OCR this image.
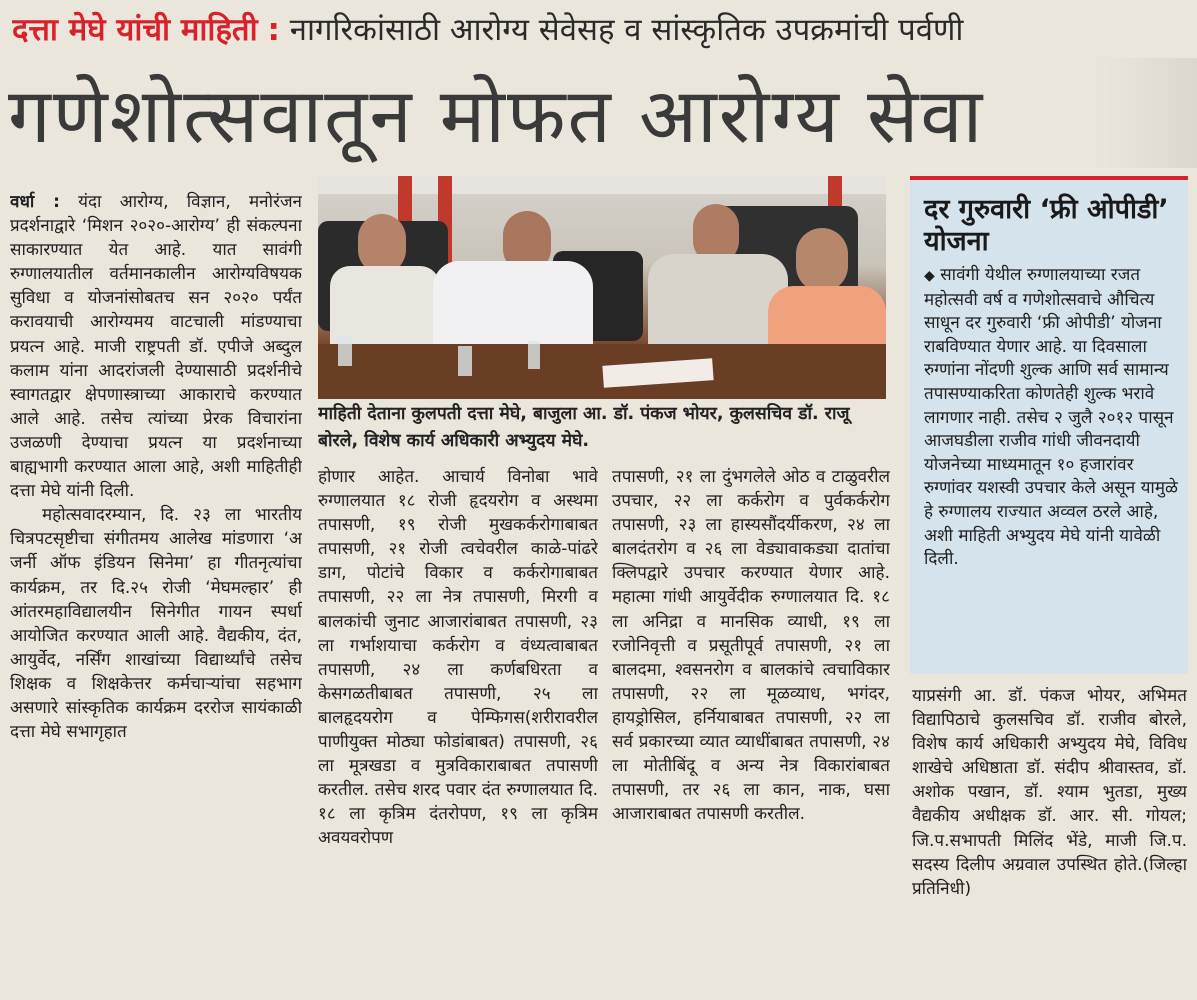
दत्ता मेघे यांची माहिती : नागरिकांसाठी आरोग्य सेवेसह व सांस्कृतिक उपक्रमांची पर्वणी
गणेशोत्सवातून मोफत आरोग्य सेवा

वर्धा : यंदा आरोग्य, विज्ञान, मनोरंजन प्रदर्शनाद्वारे ‘मिशन २०२०-आरोग्य’ ही संकल्पना साकारण्यात येत आहे. यात सावंगी रुग्णालयातील वर्तमानकालीन आरोग्यविषयक सुविधा व योजनांसोबतच सन २०२० पर्यंत करावयाची आरोग्यमय वाटचाली मांडण्याचा प्रयत्न आहे. माजी राष्ट्रपती डॉ. एपीजे अब्दुल कलाम यांना आदरांजली देण्यासाठी प्रदर्शनीचे स्वागतद्वार क्षेपणास्त्राच्या आकाराचे करण्यात आले आहे. तसेच त्यांच्या प्रेरक विचारांना उजळणी देण्याचा प्रयत्न या प्रदर्शनाच्या बाह्यभागी करण्यात आला आहे, अशी माहितीही दत्ता मेघे यांनी दिली.

महोत्सवादरम्यान, दि. २३ ला भारतीय चित्रपटसृष्टीचा संगीतमय आलेख मांडणारा ‘अ जर्नी ऑफ इंडियन सिनेमा’ हा गीतनृत्यांचा कार्यक्रम, तर दि.२५ रोजी ‘मेघमल्हार’ ही आंतरमहाविद्यालयीन सिनेगीत गायन स्पर्धा आयोजित करण्यात आली आहे. वैद्यकीय, दंत, आयुर्वेद, नर्सिंग शाखांच्या विद्यार्थ्यांचे तसेच शिक्षक व शिक्षकेत्तर कर्मचाऱ्यांचा सहभाग असणारे सांस्कृतिक कार्यक्रम दररोज सायंकाळी दत्ता मेघे सभागृहात

माहिती देताना कुलपती दत्ता मेघे, बाजुला आ. डॉ. पंकज भोयर, कुलसचिव डॉ. राजू बोरले, विशेष कार्य अधिकारी अभ्युदय मेघे.
होणार आहेत. आचार्य विनोबा भावे रुग्णालयात १८ रोजी हृदयरोग व अस्थमा तपासणी, १९ रोजी मुखकर्करोगाबाबत तपासणी, २१ रोजी त्वचेवरील काळे-पांढरे डाग, पोटांचे विकार व कर्करोगाबाबत तपासणी, २२ ला नेत्र तपासणी, मिरगी व बालकांची जुनाट आजारांबाबत तपासणी, २३ ला गर्भाशयाचा कर्करोग व वंध्यत्वाबाबत तपासणी, २४ ला कर्णबधिरता व केसगळतीबाबत तपासणी, २५ ला बालहृदयरोग व पेम्फिगस(शरीरावरील पाणीयुक्त मोठ्या फोडांबाबत) तपासणी, २६ ला मूत्रखडा व मुत्रविकाराबाबत तपासणी करतील. तसेच शरद पवार दंत रुग्णालयात दि. १८ ला कृत्रिम दंतरोपण, १९ ला कृत्रिम अवयवरोपण
तपासणी, २१ ला दुंभगलेले ओठ व टाळुवरील उपचार, २२ ला कर्करोग व पुर्वकर्करोग तपासणी, २३ ला हास्यसौंदर्यीकरण, २४ ला बालदंतरोग व २६ ला वेड्यावाकड्या दातांचा क्लिपद्वारे उपचार करण्यात येणार आहे. महात्मा गांधी आयुर्वेदीक रुग्णालयात दि. १८ ला अनिद्रा व मानसिक व्याधी, १९ ला रजोनिवृत्ती व प्रसूतीपूर्व तपासणी, २१ ला बालदमा, श्वसनरोग व बालकांचे त्वचाविकार तपासणी, २२ ला मूळव्याध, भगंदर, हायड्रोसिल, हर्नियाबाबत तपासणी, २२ ला सर्व प्रकारच्या व्यात व्याधींबाबत तपासणी, २४ ला मोतीबिंदू व अन्य नेत्र विकारांबाबत तपासणी, तर २६ ला कान, नाक, घसा आजाराबाबत तपासणी करतील.
दर गुरुवारी ‘फ्री ओपीडी’ योजना
◆ सावंगी येथील रुग्णालयाच्या रजत महोत्सवी वर्ष व गणेशोत्सवाचे औचित्य साधून दर गुरुवारी ‘फ्री ओपीडी’ योजना राबविण्यात येणार आहे. या दिवसाला रुग्णांना नोंदणी शुल्क आणि सर्व सामान्य तपासण्याकरिता कोणतेही शुल्क भरावे लागणार नाही. तसेच २ जुलै २०१२ पासून आजघडीला राजीव गांधी जीवनदायी योजनेच्या माध्यमातून १० हजारांवर रुग्णांवर यशस्वी उपचार केले असून यामुळे हे रुग्णालय राज्यात अव्वल ठरले आहे, अशी माहिती अभ्युदय मेघे यांनी यावेळी दिली.
याप्रसंगी आ. डॉ. पंकज भोयर, अभिमत विद्यापिठाचे कुलसचिव डॉ. राजीव बोरले, विशेष कार्य अधिकारी अभ्युदय मेघे, विविध शाखेचे अधिष्ठाता डॉ. संदीप श्रीवास्तव, डॉ. अशोक पखान, डॉ. श्याम भुतडा, मुख्य वैद्यकीय अधीक्षक डॉ. आर. सी. गोयल; जि.प.सभापती मिलिंद भेंडे, माजी जि.प. सदस्य दिलीप अग्रवाल उपस्थित होते.(जिल्हा प्रतिनिधी)
